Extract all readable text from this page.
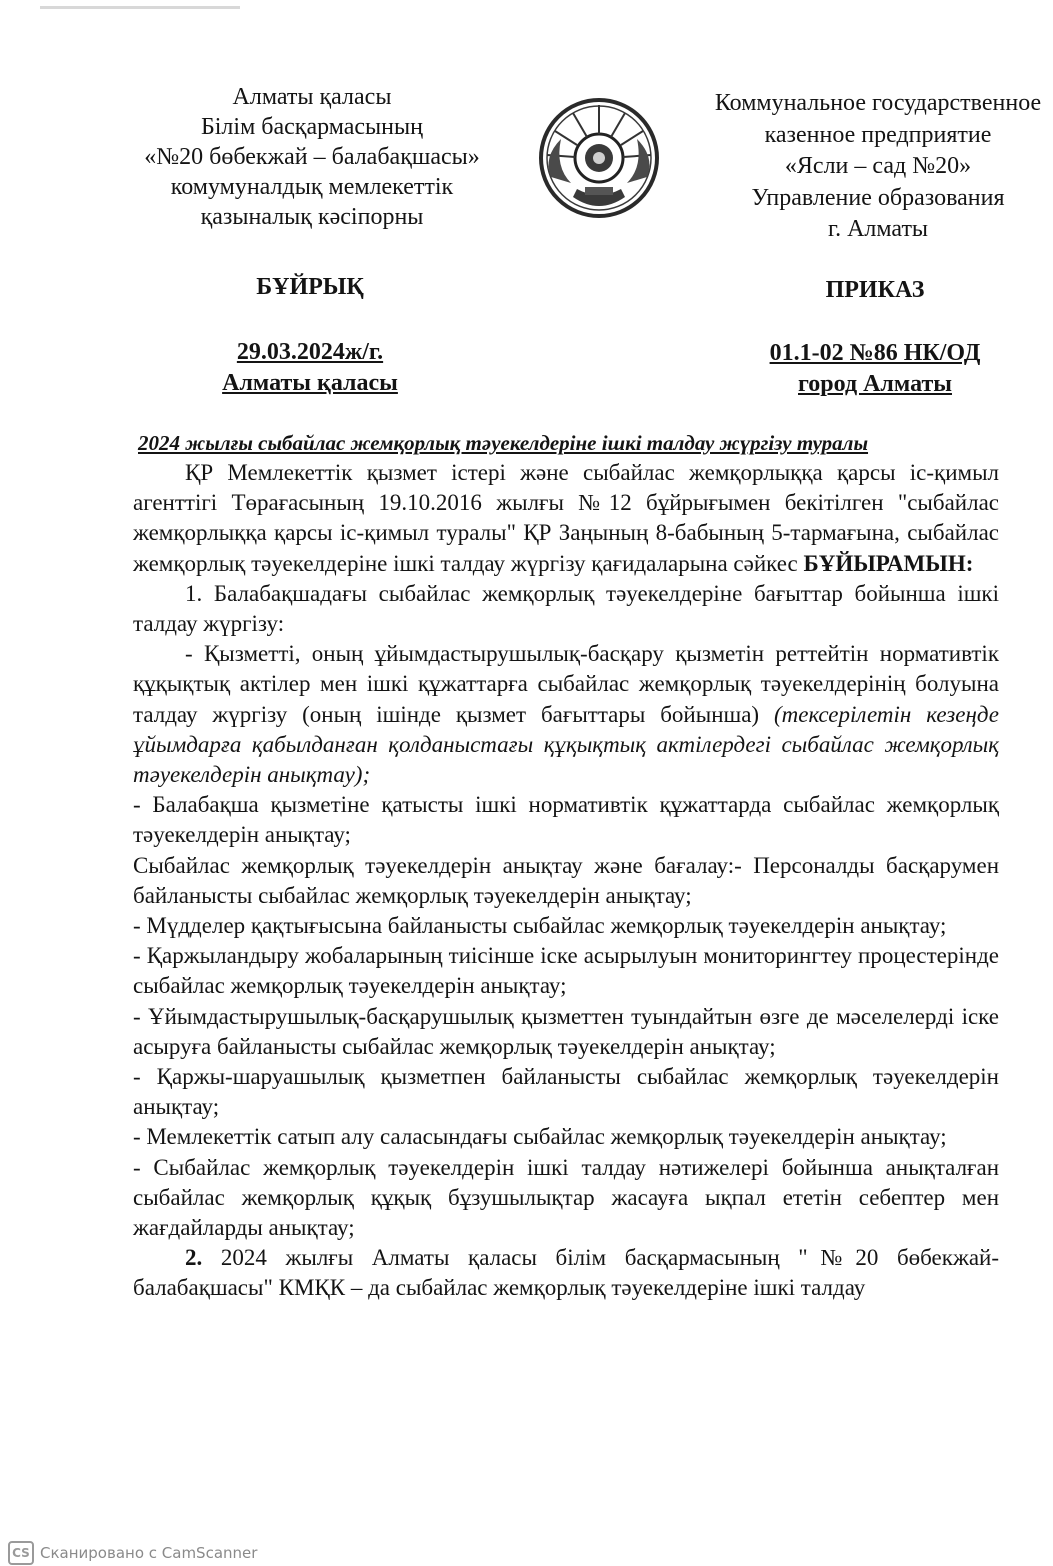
Алматы қаласы
Білім басқармасының
«№20 бөбекжай – балабақшасы»
комумуналдық мемлекеттік
қазыналық кәсіпорны
Коммунальное государственное
казенное предприятие
«Ясли – сад №20»
Управление образования
г. Алматы
БҰЙРЫҚ	ПРИКАЗ
29.03.2024ж/г.
Алматы қаласы
01.1-02 №86 НК/ОД
город Алматы
2024 жылғы сыбайлас жемқорлық тәуекелдеріне ішкі талдау жүргізу туралы

ҚР Мемлекеттік қызмет істері және сыбайлас жемқорлыққа қарсы іс-қимыл агенттігі Төрағасының 19.10.2016 жылғы №12 бұйрығымен бекітілген "сыбайлас жемқорлыққа қарсы іс-қимыл туралы" ҚР Заңының 8-бабының 5-тармағына, сыбайлас жемқорлық тәуекелдеріне ішкі талдау жүргізу қағидаларына сәйкес БҰЙЫРАМЫН:

1. Балабақшадағы сыбайлас жемқорлық тәуекелдеріне бағыттар бойынша ішкі талдау жүргізу:

- Қызметті, оның ұйымдастырушылық-басқару қызметін реттейтін нормативтік құқықтық актілер мен ішкі құжаттарға сыбайлас жемқорлық тәуекелдерінің болуына талдау жүргізу (оның ішінде қызмет бағыттары бойынша) (тексерілетін кезеңде ұйымдарға қабылданған қолданыстағы құқықтық актілердегі сыбайлас жемқорлық тәуекелдерін анықтау);

- Балабақша қызметіне қатысты ішкі нормативтік құжаттарда сыбайлас жемқорлық тәуекелдерін анықтау;

Сыбайлас жемқорлық тәуекелдерін анықтау және бағалау:- Персоналды басқарумен байланысты сыбайлас жемқорлық тәуекелдерін анықтау;

- Мүдделер қақтығысына байланысты сыбайлас жемқорлық тәуекелдерін анықтау;

- Қаржыландыру жобаларының тиісінше іске асырылуын мониторингтеу процестерінде сыбайлас жемқорлық тәуекелдерін анықтау;

- Ұйымдастырушылық-басқарушылық қызметтен туындайтын өзге де мәселелерді іске асыруға байланысты сыбайлас жемқорлық тәуекелдерін анықтау;

- Қаржы-шаруашылық қызметпен байланысты сыбайлас жемқорлық тәуекелдерін анықтау;

- Мемлекеттік сатып алу саласындағы сыбайлас жемқорлық тәуекелдерін анықтау;

- Сыбайлас жемқорлық тәуекелдерін ішкі талдау нәтижелері бойынша анықталған сыбайлас жемқорлық құқық бұзушылықтар жасауға ықпал ететін себептер мен жағдайларды анықтау;

2. 2024 жылғы Алматы қаласы білім басқармасының "№20 бөбекжай-балабақшасы" КМҚК – да сыбайлас жемқорлық тәуекелдеріне ішкі талдау

CS Сканировано с CamScanner
